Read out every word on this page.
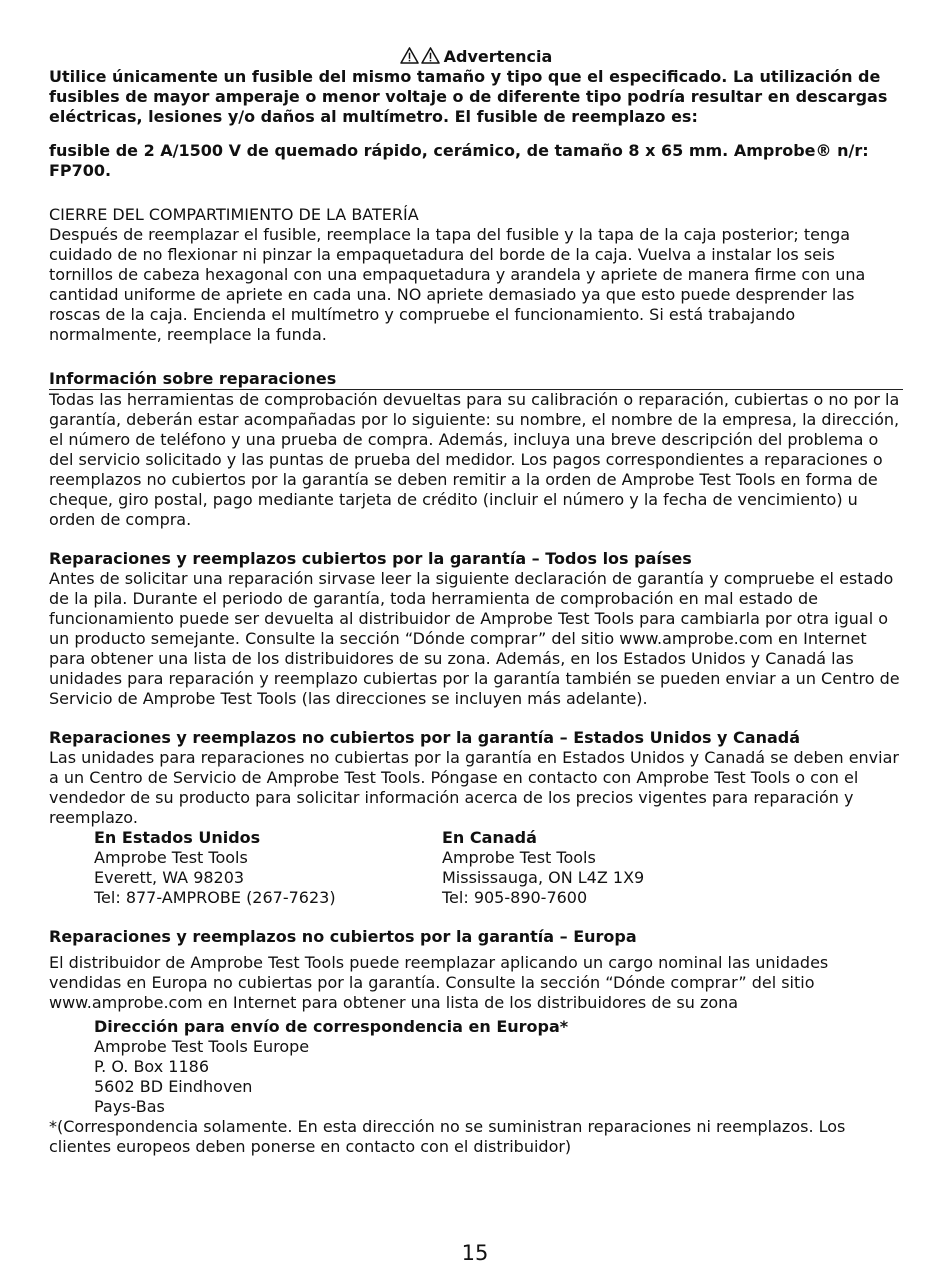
Advertencia

Utilice únicamente un fusible del mismo tamaño y tipo que el especificado. La utilización de fusibles de mayor amperaje o menor voltaje o de diferente tipo podría resultar en descargas eléctricas, lesiones y/o daños al multímetro. El fusible de reemplazo es:

fusible de 2 A/1500 V de quemado rápido, cerámico, de tamaño 8 x 65 mm. Amprobe® n/r: FP700.

CIERRE DEL COMPARTIMIENTO DE LA BATERÍA

Después de reemplazar el fusible, reemplace la tapa del fusible y la tapa de la caja posterior; tenga cuidado de no flexionar ni pinzar la empaquetadura del borde de la caja. Vuelva a instalar los seis tornillos de cabeza hexagonal con una empaquetadura y arandela y apriete de manera firme con una cantidad uniforme de apriete en cada una. NO apriete demasiado ya que esto puede desprender las roscas de la caja. Encienda el multímetro y compruebe el funcionamiento. Si está trabajando normalmente, reemplace la funda.

Información sobre reparaciones

Todas las herramientas de comprobación devueltas para su calibración o reparación, cubiertas o no por la garantía, deberán estar acompañadas por lo siguiente: su nombre, el nombre de la empresa, la dirección, el número de teléfono y una prueba de compra. Además, incluya una breve descripción del problema o del servicio solicitado y las puntas de prueba del medidor. Los pagos correspondientes a reparaciones o reemplazos no cubiertos por la garantía se deben remitir a la orden de Amprobe Test Tools en forma de cheque, giro postal, pago mediante tarjeta de crédito (incluir el número y la fecha de vencimiento) u orden de compra.

Reparaciones y reemplazos cubiertos por la garantía – Todos los países

Antes de solicitar una reparación sirvase leer la siguiente declaración de garantía y compruebe el estado de la pila. Durante el periodo de garantía, toda herramienta de comprobación en mal estado de funcionamiento puede ser devuelta al distribuidor de Amprobe Test Tools para cambiarla por otra igual o un producto semejante. Consulte la sección “Dónde comprar” del sitio www.amprobe.com en Internet para obtener una lista de los distribuidores de su zona. Además, en los Estados Unidos y Canadá las unidades para reparación y reemplazo cubiertas por la garantía también se pueden enviar a un Centro de Servicio de Amprobe Test Tools (las direcciones se incluyen más adelante).

Reparaciones y reemplazos no cubiertos por la garantía – Estados Unidos y Canadá

Las unidades para reparaciones no cubiertas por la garantía en Estados Unidos y Canadá se deben enviar a un Centro de Servicio de Amprobe Test Tools. Póngase en contacto con Amprobe Test Tools o con el vendedor de su producto para solicitar información acerca de los precios vigentes para reparación y reemplazo.

En Estados Unidos

Amprobe Test Tools

Everett, WA 98203

Tel: 877-AMPROBE (267-7623)

En Canadá

Amprobe Test Tools

Mississauga, ON L4Z 1X9

Tel: 905-890-7600

Reparaciones y reemplazos no cubiertos por la garantía – Europa

El distribuidor de Amprobe Test Tools puede reemplazar aplicando un cargo nominal las unidades vendidas en Europa no cubiertas por la garantía. Consulte la sección “Dónde comprar” del sitio www.amprobe.com en Internet para obtener una lista de los distribuidores de su zona

Dirección para envío de correspondencia en Europa*

Amprobe Test Tools Europe

P. O. Box 1186

5602 BD Eindhoven

Pays-Bas

*(Correspondencia solamente. En esta dirección no se suministran reparaciones ni reemplazos. Los clientes europeos deben ponerse en contacto con el distribuidor)

15
